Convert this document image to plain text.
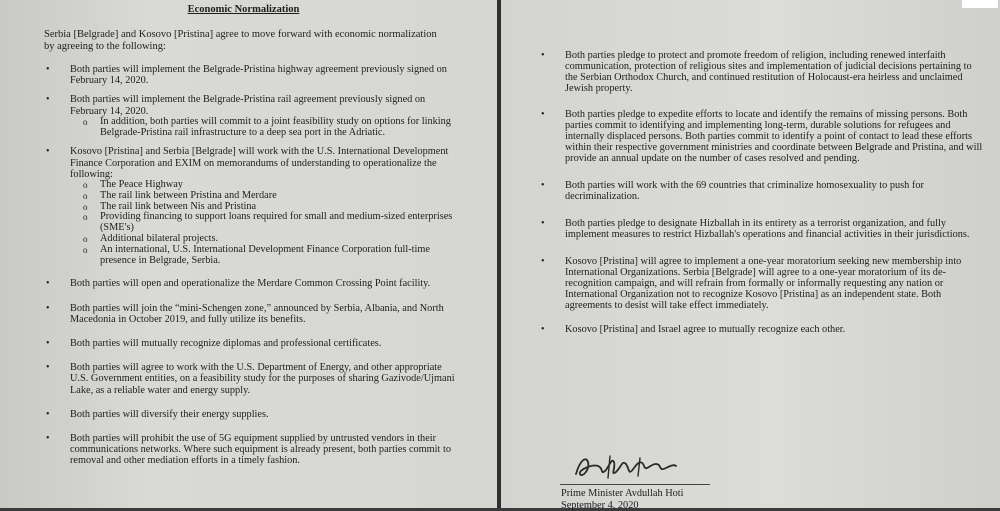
Economic Normalization
Serbia [Belgrade] and Kosovo [Pristina] agree to move forward with economic normalization by agreeing to the following:
• Both parties will implement the Belgrade-Pristina highway agreement previously signed on February 14, 2020.
• Both parties will implement the Belgrade-Pristina rail agreement previously signed on February 14, 2020.
o In addition, both parties will commit to a joint feasibility study on options for linking Belgrade-Pristina rail infrastructure to a deep sea port in the Adriatic.
• Kosovo [Pristina] and Serbia [Belgrade] will work with the U.S. International Development Finance Corporation and EXIM on memorandums of understanding to operationalize the following:
o The Peace Highway
o The rail link between Pristina and Merdare
o The rail link between Nis and Pristina
o Providing financing to support loans required for small and medium-sized enterprises (SME's)
o Additional bilateral projects.
o An international, U.S. International Development Finance Corporation full-time presence in Belgrade, Serbia.
• Both parties will open and operationalize the Merdare Common Crossing Point facility.
• Both parties will join the “mini-Schengen zone,” announced by Serbia, Albania, and North Macedonia in October 2019, and fully utilize its benefits.
• Both parties will mutually recognize diplomas and professional certificates.
• Both parties will agree to work with the U.S. Department of Energy, and other appropriate U.S. Government entities, on a feasibility study for the purposes of sharing Gazivode/Ujmani Lake, as a reliable water and energy supply.
• Both parties will diversify their energy supplies.
• Both parties will prohibit the use of 5G equipment supplied by untrusted vendors in their communications networks. Where such equipment is already present, both parties commit to removal and other mediation efforts in a timely fashion.
• Both parties pledge to protect and promote freedom of religion, including renewed interfaith communication, protection of religious sites and implementation of judicial decisions pertaining to the Serbian Orthodox Church, and continued restitution of Holocaust-era heirless and unclaimed Jewish property.
• Both parties pledge to expedite efforts to locate and identify the remains of missing persons. Both parties commit to identifying and implementing long-term, durable solutions for refugees and internally displaced persons. Both parties commit to identify a point of contact to lead these efforts within their respective government ministries and coordinate between Belgrade and Pristina, and will provide an annual update on the number of cases resolved and pending.
• Both parties will work with the 69 countries that criminalize homosexuality to push for decriminalization.
• Both parties pledge to designate Hizballah in its entirety as a terrorist organization, and fully implement measures to restrict Hizballah's operations and financial activities in their jurisdictions.
• Kosovo [Pristina] will agree to implement a one-year moratorium seeking new membership into International Organizations. Serbia [Belgrade] will agree to a one-year moratorium of its de-recognition campaign, and will refrain from formally or informally requesting any nation or International Organization not to recognize Kosovo [Pristina] as an independent state. Both agreements to desist will take effect immediately.
• Kosovo [Pristina] and Israel agree to mutually recognize each other.
Prime Minister Avdullah Hoti
September 4, 2020
